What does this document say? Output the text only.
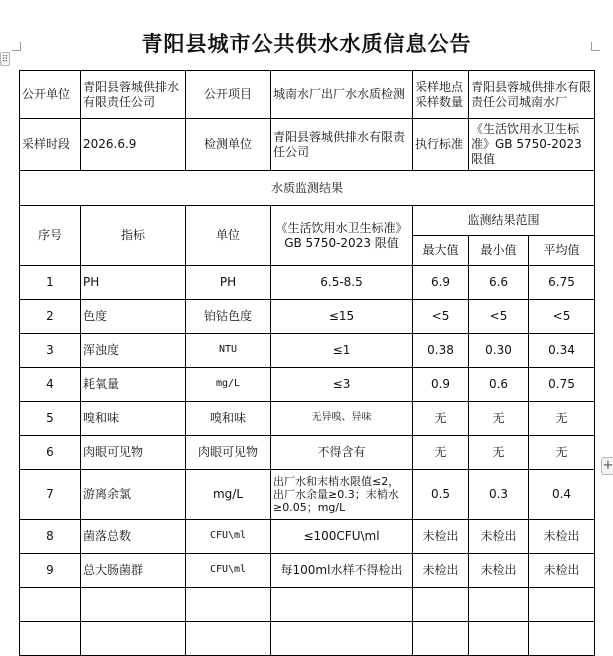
青阳县城市公共供水水质信息公告
⠿
+
公开单位	青阳县蓉城供排水有限责任公司	公开项目	城南水厂出厂水水质检测	采样地点采样数量	青阳县蓉城供排水有限责任公司城南水厂	
采样时段	2026.6.9	检测单位	青阳县蓉城供排水有限责任公司	执行标准	《生活饮用水卫生标准》GB 5750-2023 限值	
水质监测结果						
序号	指标	单位	《生活饮用水卫生标准》GB 5750-2023 限值	监测结果范围		
				最大值	最小值	平均值
1	PH	PH	6.5-8.5	6.9	6.6	6.75
2	色度	铂钴色度	≤15	<5	<5	<5
3	浑浊度	NTU	≤1	0.38	0.30	0.34
4	耗氧量	mg/L	≤3	0.9	0.6	0.75
5	嗅和味	嗅和味	无异嗅、异味	无	无	无
6	肉眼可见物	肉眼可见物	不得含有	无	无	无
7	游离余氯	mg/L	出厂水和末梢水限值≤2，出厂水余量≥0.3；末梢水≥0.05；mg/L	0.5	0.3	0.4
8	菌落总数	CFU\ml	≤100CFU\ml	未检出	未检出	未检出
9	总大肠菌群	CFU\ml	每100ml水样不得检出	未检出	未检出	未检出
